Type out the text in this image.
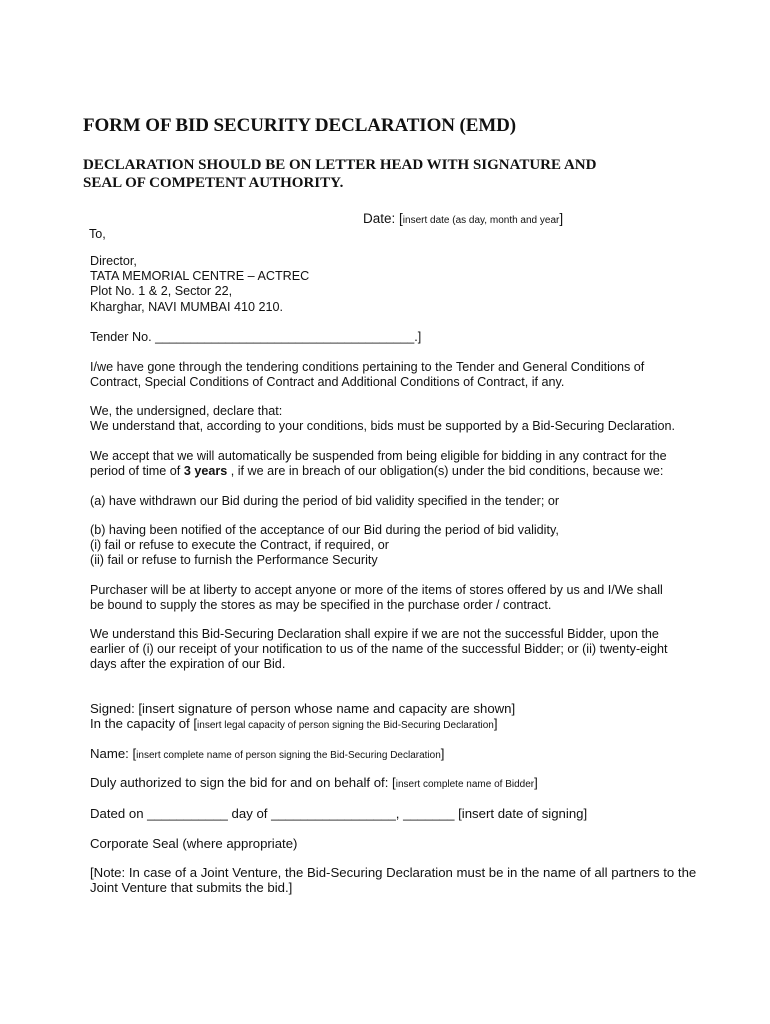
FORM OF BID SECURITY DECLARATION (EMD)
DECLARATION SHOULD BE ON LETTER HEAD WITH SIGNATURE AND
SEAL OF COMPETENT AUTHORITY.
Date: [insert date (as day, month and year]
To,
Director,
TATA MEMORIAL CENTRE – ACTREC
Plot No. 1 & 2, Sector 22,
Kharghar, NAVI MUMBAI 410 210.
Tender No. _____________________________________.]
I/we have gone through the tendering conditions pertaining to the Tender and General Conditions of
Contract, Special Conditions of Contract and Additional Conditions of Contract, if any.
We, the undersigned, declare that:
We understand that, according to your conditions, bids must be supported by a Bid-Securing Declaration.
We accept that we will automatically be suspended from being eligible for bidding in any contract for the
period of time of 3 years , if we are in breach of our obligation(s) under the bid conditions, because we:
(a) have withdrawn our Bid during the period of bid validity specified in the tender; or
(b) having been notified of the acceptance of our Bid during the period of bid validity,
(i) fail or refuse to execute the Contract, if required, or
(ii) fail or refuse to furnish the Performance Security
Purchaser will be at liberty to accept anyone or more of the items of stores offered by us and I/We shall
be bound to supply the stores as may be specified in the purchase order / contract.
We understand this Bid-Securing Declaration shall expire if we are not the successful Bidder, upon the
earlier of (i) our receipt of your notification to us of the name of the successful Bidder; or (ii) twenty-eight
days after the expiration of our Bid.
Signed: [insert signature of person whose name and capacity are shown]
In the capacity of [insert legal capacity of person signing the Bid-Securing Declaration]
Name: [insert complete name of person signing the Bid-Securing Declaration]
Duly authorized to sign the bid for and on behalf of: [insert complete name of Bidder]
Dated on ___________ day of _________________, _______ [insert date of signing]
Corporate Seal (where appropriate)
[Note: In case of a Joint Venture, the Bid-Securing Declaration must be in the name of all partners to the
Joint Venture that submits the bid.]
